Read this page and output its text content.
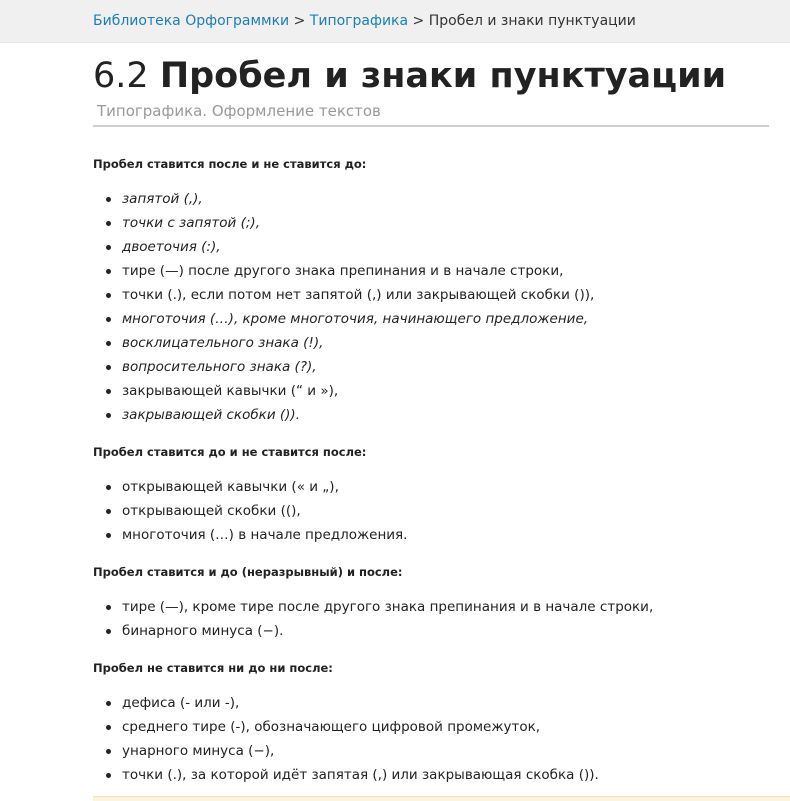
Библиотека Орфограммки > Типографика > Пробел и знаки пунктуации
6.2 Пробел и знаки пунктуации
Типографика. Оформление текстов

Пробел ставится после и не ставится до:

запятой (,),
точки с запятой (;),
двоеточия (:),
тире (—) после другого знака препинания и в начале строки,
точки (.), если потом нет запятой (,) или закрывающей скобки ()),
многоточия (…), кроме многоточия, начинающего предложение,
восклицательного знака (!),
вопросительного знака (?),
закрывающей кавычки (“ и »),
закрывающей скобки ()).

Пробел ставится до и не ставится после:

открывающей кавычки (« и „),
открывающей скобки ((),
многоточия (…) в начале предложения.

Пробел ставится и до (неразрывный) и после:

тире (—), кроме тире после другого знака препинания и в начале строки,
бинарного минуса (−).

Пробел не ставится ни до ни после:

дефиса (- или -),
среднего тире (-), обозначающего цифровой промежуток,
унарного минуса (−),
точки (.), за которой идёт запятая (,) или закрывающая скобка ()).
